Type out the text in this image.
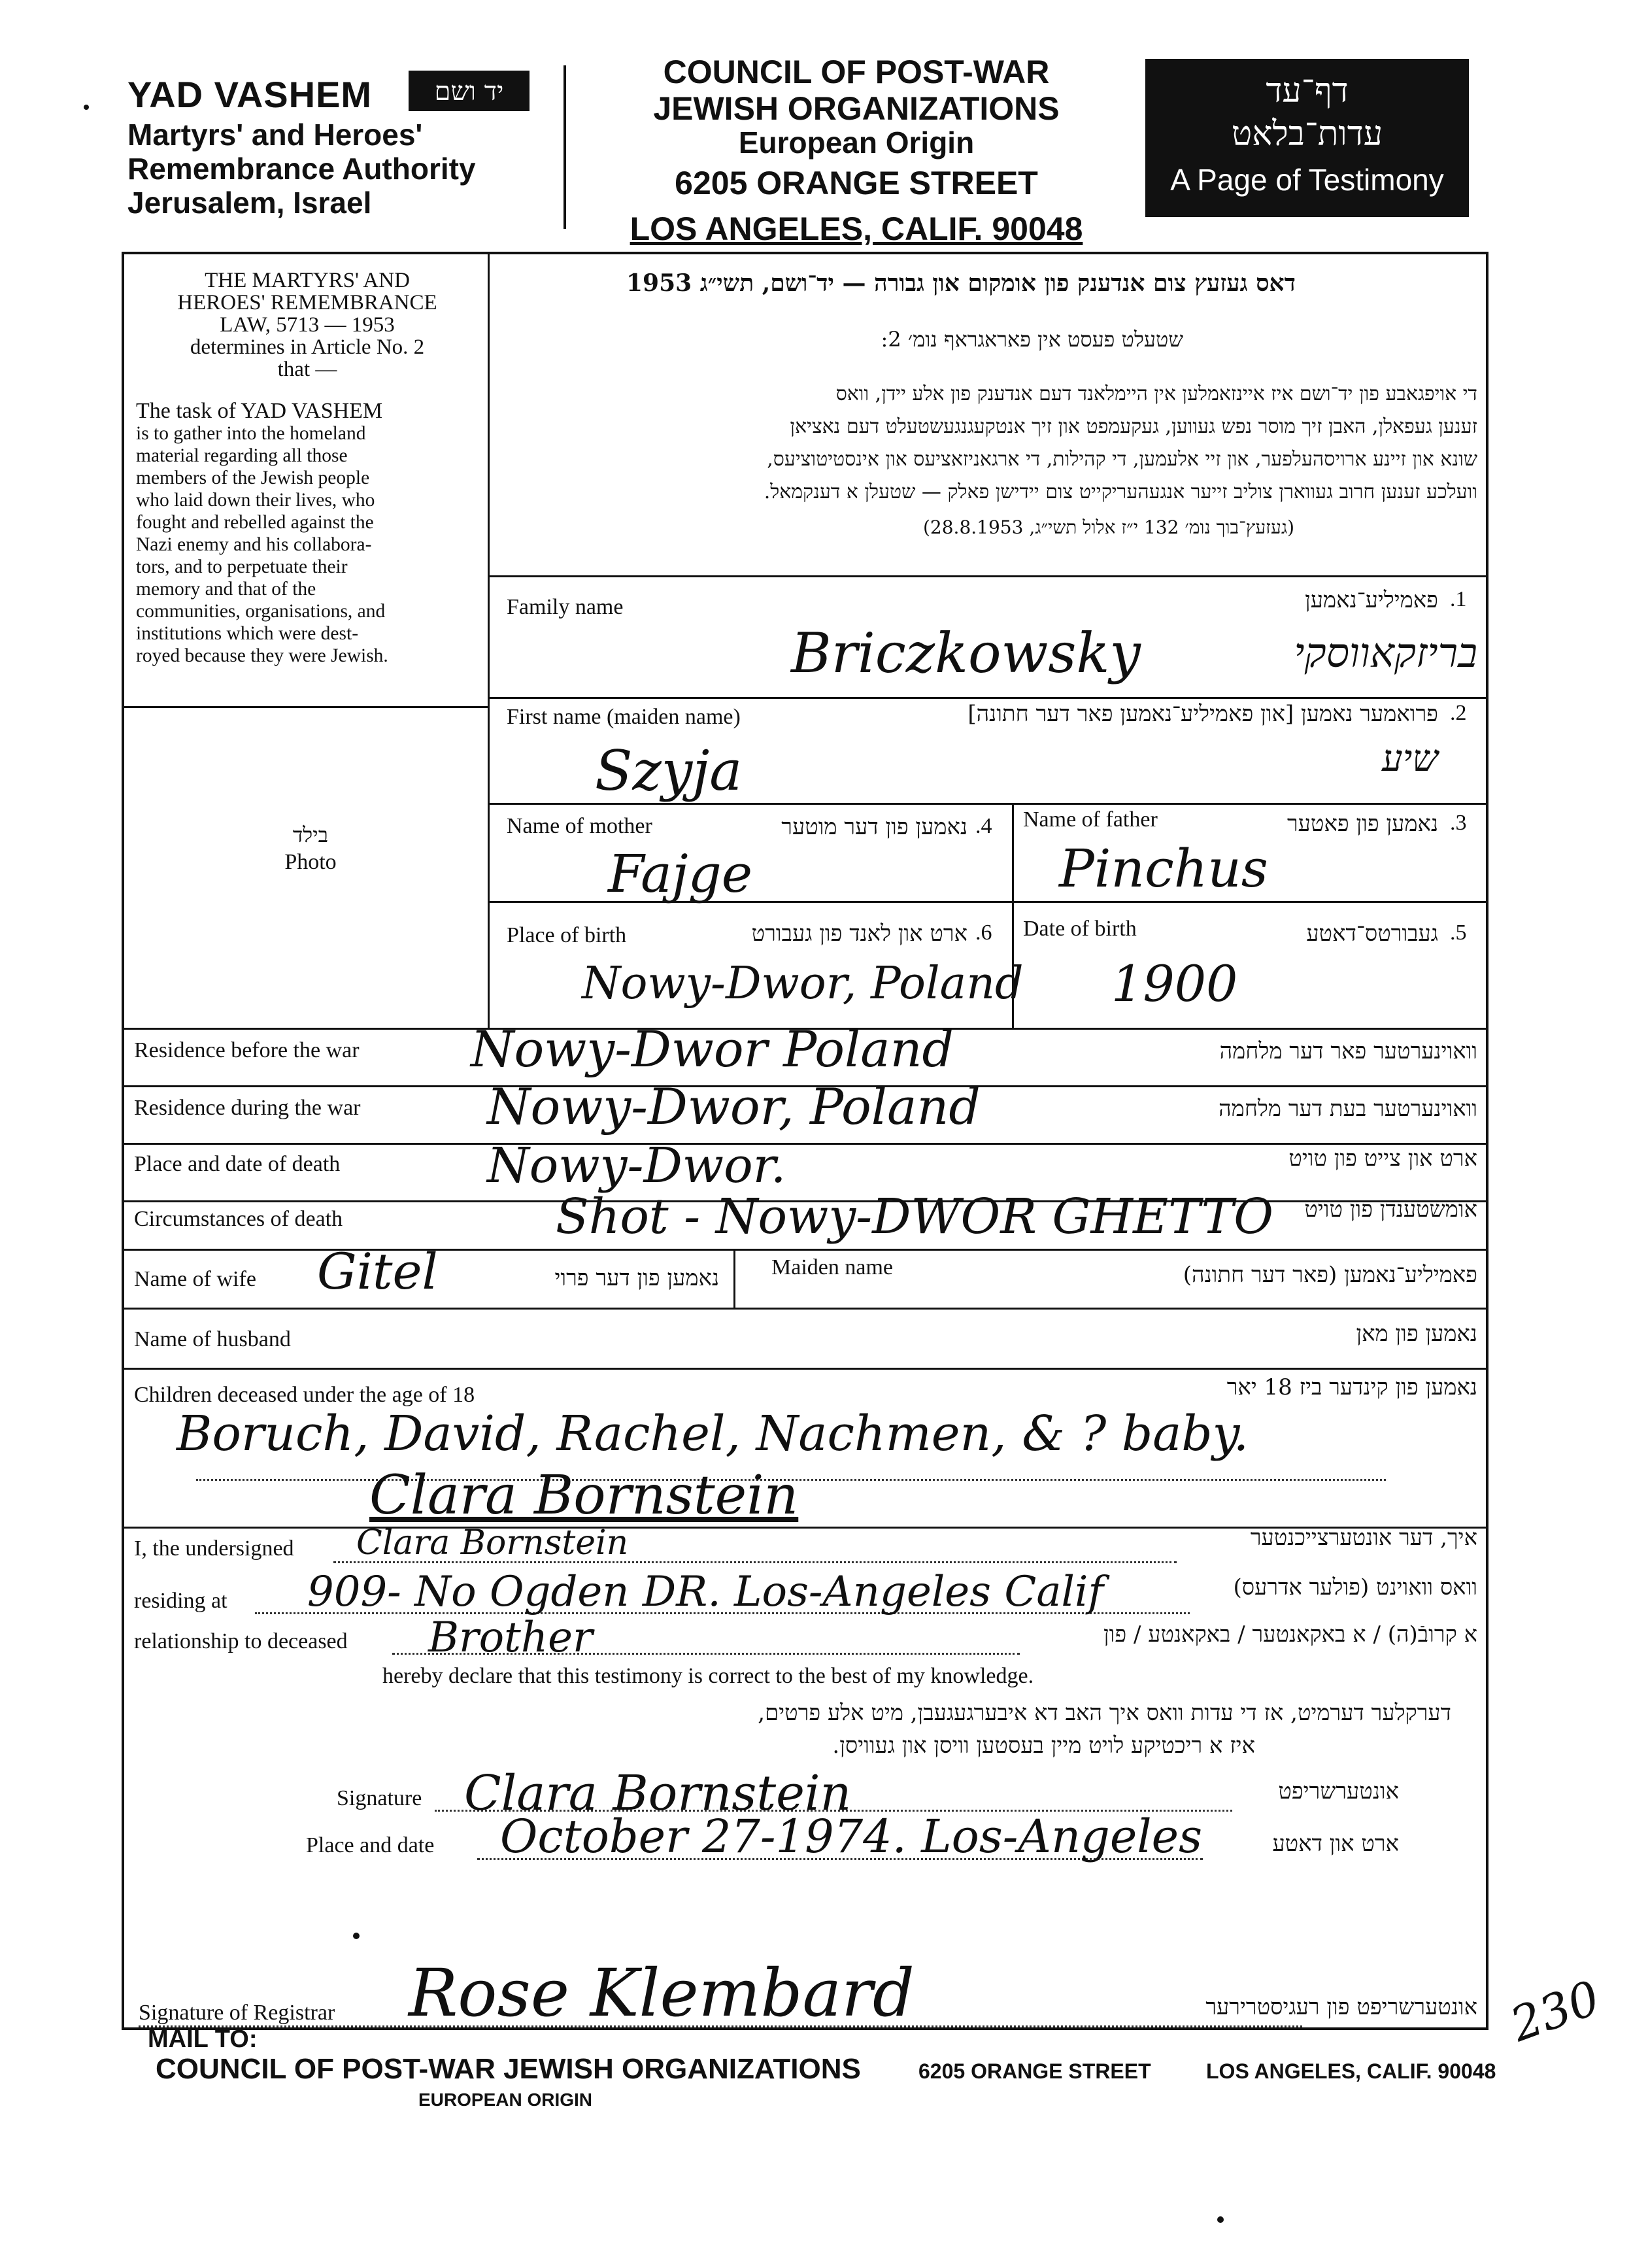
YAD VASHEM	יד ושם
Martyrs' and Heroes'
Remembrance Authority
Jerusalem, Israel
COUNCIL OF POST-WAR
JEWISH ORGANIZATIONS
European Origin
6205 ORANGE STREET
LOS ANGELES, CALIF. 90048
דף־עד
עדות־בלאט
A Page of Testimony
THE MARTYRS' AND
HEROES' REMEMBRANCE
LAW, 5713 — 1953
determines in Article No. 2
that —
The task of YAD VASHEM
is to gather into the homeland
material regarding all those
members of the Jewish people
who laid down their lives, who
fought and rebelled against the
Nazi enemy and his collabora-
tors, and to perpetuate their
memory and that of the
communities, organisations, and
institutions which were dest-
royed because they were Jewish.
בילד
Photo
דאס געזעץ צום אנדענק פון אומקום און גבורה — יד־ושם, תשי״ג 1953
שטעלט פעסט אין פאראגראף נומ׳ 2:
די אויפגאבע פון יד־ושם איז איינזאמלען אין היימלאנד דעם אנדענק פון אלע יידן, וואס
זענען געפאלן, האבן זיך מוסר נפש געווען, געקעמפט און זיך אנטקעגנגעשטעלט דעם נאציאן
שונא און זיינע ארויסהעלפער, און זיי אלעמען, די קהילות, די ארגאניזאציעס און אינסטיטוציעס,
וועלכע זענען חרוב געווארן צוליב זייער אנגעהעריקייט צום יידישן פאלק — שטעלן א דענקמאל.
(געזעץ־בוך נומ׳ 132 י״ז אלול תשי״ג, 28.8.1953)
Family name	פאמיליע־נאמען .1
Briczkowsky	בריזקאווסקי
First name (maiden name)	פרואמער נאמען [און פאמיליע־נאמען פאר דער חתונה] .2
Szyja	שיע
Name of mother	נאמען פון דער מוטער .4
Fajge
Name of father	נאמען פון פאטער .3
Pinchus
Place of birth	ארט און לאנד פון געבורט .6
Nowy-Dwor, Poland
Date of birth	געבורטס־דאטע .5
1900
Residence before the war	וואוינערטער פאר דער מלחמה
Nowy-Dwor Poland
Residence during the war	וואוינערטער בעת דער מלחמה
Nowy-Dwor, Poland
Place and date of death	ארט און צייט פון טויט
Nowy-Dwor.
Circumstances of death	אומשטענדן פון טויט
Shot - Nowy-DWOR GHETTO
Name of wife Gitel	נאמען פון דער פרוי Maiden name	פאמיליע־נאמען (פאר דער חתונה)
Name of husband	נאמען פון מאן
Children deceased under the age of 18	נאמען פון קינדער ביז 18 יאר
Boruch, David, Rachel, Nachmen, & ? baby.
Clara Bornstein
I, the undersigned Clara Bornstein	איך, דער אונטערצייכנטער
residing at 909- No Ogden DR. Los-Angeles Calif	וואס וואוינט (פולער אדרעס)
relationship to deceased Brother	א קרובֿ(ה) / א באקאנטער / באקאנטע / פון
hereby declare that this testimony is correct to the best of my knowledge.
דערקלער דערמיט, אז די עדות וואס איך האב דא איבערגעגעבן, מיט אלע פרטים,
איז א ריכטיקע לויט מיין בעסטען וויסן און געוויסן.
Signature Clara Bornstein	אונטערשריפט
Place and date October 27-1974. Los-Angeles	ארט און דאטע
Signature of Registrar Rose Klembard	אונטערשריפט פון רעגיסטרירער
MAIL TO:
COUNCIL OF POST-WAR JEWISH ORGANIZATIONS
EUROPEAN ORIGIN
6205 ORANGE STREET	LOS ANGELES, CALIF. 90048
230
